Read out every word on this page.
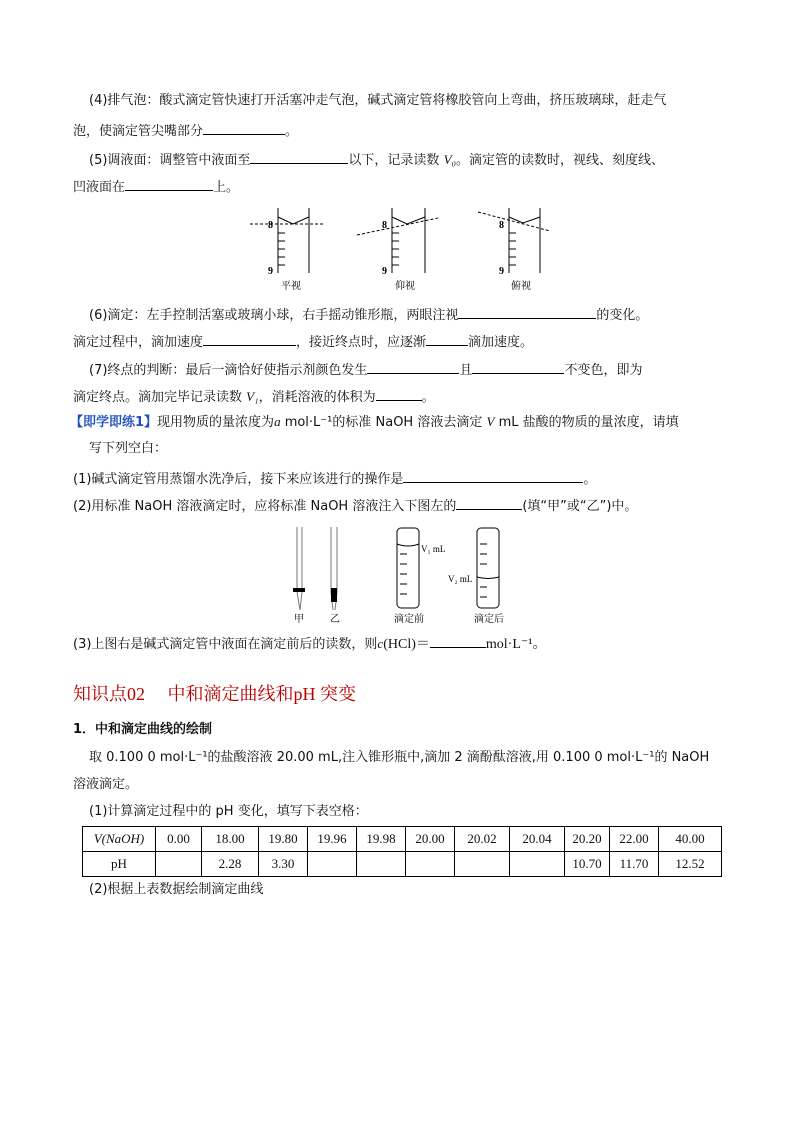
(4)排气泡：酸式滴定管快速打开活塞冲走气泡，碱式滴定管将橡胶管向上弯曲，挤压玻璃球，赶走气
泡，使滴定管尖嘴部分	。
(5)调液面：调整管中液面至	以下，记录读数 V₀。滴定管的读数时，视线、刻度线、
凹液面在	上。
8
9
8
9
8
9
平视	仰视	俯视
(6)滴定：左手控制活塞或玻璃小球，右手摇动锥形瓶，两眼注视	的变化。
滴定过程中，滴加速度	，接近终点时，应逐渐	滴加速度。
(7)终点的判断：最后一滴恰好使指示剂颜色发生	且	不变色，即为
滴定终点。滴加完毕记录读数 V₁，消耗溶液的体积为	。
【即学即练1】现用物质的量浓度为a mol·L⁻¹的标准 NaOH 溶液去滴定 V mL 盐酸的物质的量浓度，请填
写下列空白：
(1)碱式滴定管用蒸馏水洗净后，接下来应该进行的操作是	。
(2)用标准 NaOH 溶液滴定时，应将标准 NaOH 溶液注入下图左的	(填“甲”或“乙”)中。
V₁ mL
V₂ mL
甲	乙	滴定前	滴定后
(3)上图右是碱式滴定管中液面在滴定前后的读数，则c(HCl)＝	mol·L⁻¹。
知识点02　 中和滴定曲线和pH 突变
1．中和滴定曲线的绘制
取 0.100 0 mol·L⁻¹的盐酸溶液 20.00 mL,注入锥形瓶中,滴加 2 滴酚酞溶液,用 0.100 0 mol·L⁻¹的 NaOH
溶液滴定。
(1)计算滴定过程中的 pH 变化，填写下表空格：
V(NaOH)	0.00	18.00	19.80	19.96	19.98	20.00	20.02	20.04	20.20	22.00	40.00
pH		2.28	3.30						10.70	11.70	12.52
(2)根据上表数据绘制滴定曲线
